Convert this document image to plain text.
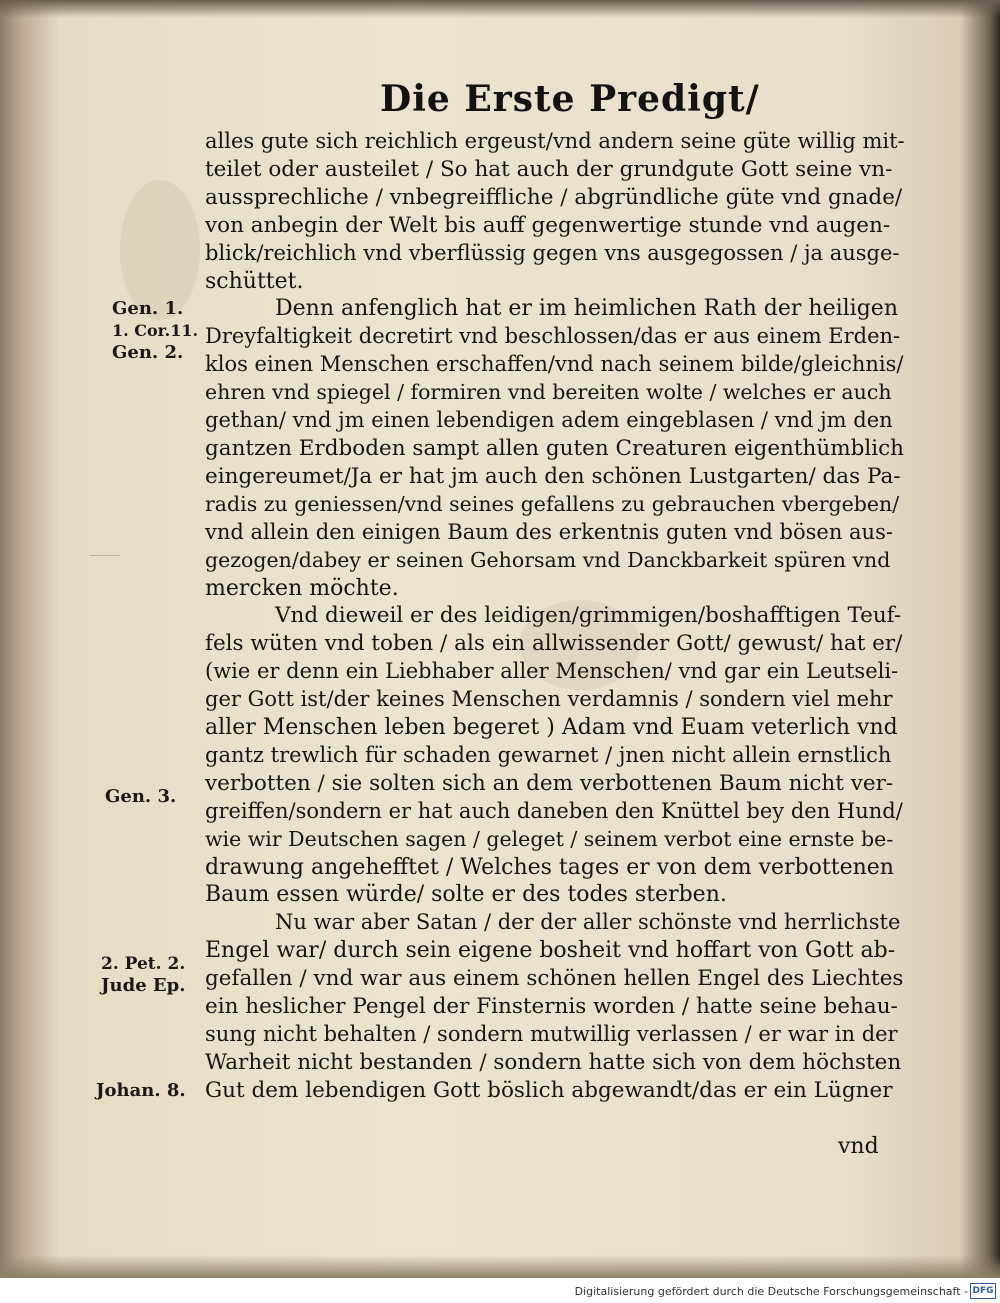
Die Erste Predigt/
alles gute sich reichlich ergeust/vnd andern seine güte willig mit-
teilet oder austeilet / So hat auch der grundgute Gott seine vn-
aussprechliche / vnbegreiffliche / abgründliche güte vnd gnade/
von anbegin der Welt bis auff gegenwertige stunde vnd augen-
blick/reichlich vnd vberflüssig gegen vns ausgegossen / ja ausge-
schüttet.
Denn anfenglich hat er im heimlichen Rath der heiligen
Dreyfaltigkeit decretirt vnd beschlossen/das er aus einem Erden-
klos einen Menschen erschaffen/vnd nach seinem bilde/gleichnis/
ehren vnd spiegel / formiren vnd bereiten wolte / welches er auch
gethan/ vnd jm einen lebendigen adem eingeblasen / vnd jm den
gantzen Erdboden sampt allen guten Creaturen eigenthümblich
eingereumet/Ja er hat jm auch den schönen Lustgarten/ das Pa-
radis zu geniessen/vnd seines gefallens zu gebrauchen vbergeben/
vnd allein den einigen Baum des erkentnis guten vnd bösen aus-
gezogen/dabey er seinen Gehorsam vnd Danckbarkeit spüren vnd
mercken möchte.
Vnd dieweil er des leidigen/grimmigen/boshafftigen Teuf-
fels wüten vnd toben / als ein allwissender Gott/ gewust/ hat er/
(wie er denn ein Liebhaber aller Menschen/ vnd gar ein Leutseli-
ger Gott ist/der keines Menschen verdamnis / sondern viel mehr
aller Menschen leben begeret ) Adam vnd Euam veterlich vnd
gantz trewlich für schaden gewarnet / jnen nicht allein ernstlich
verbotten / sie solten sich an dem verbottenen Baum nicht ver-
greiffen/sondern er hat auch daneben den Knüttel bey den Hund/
wie wir Deutschen sagen / geleget / seinem verbot eine ernste be-
drawung angehefftet / Welches tages er von dem verbottenen
Baum essen würde/ solte er des todes sterben.
Nu war aber Satan / der der aller schönste vnd herrlichste
Engel war/ durch sein eigene bosheit vnd hoffart von Gott ab-
gefallen / vnd war aus einem schönen hellen Engel des Liechtes
ein heslicher Pengel der Finsternis worden / hatte seine behau-
sung nicht behalten / sondern mutwillig verlassen / er war in der
Warheit nicht bestanden / sondern hatte sich von dem höchsten
Gut dem lebendigen Gott böslich abgewandt/das er ein Lügner
vnd
Gen. 1.
1. Cor.11.
Gen. 2.
Gen. 3.
2. Pet. 2.
Jude Ep.
Johan. 8.
Digitalisierung gefördert durch die Deutsche Forschungsgemeinschaft - DFG
